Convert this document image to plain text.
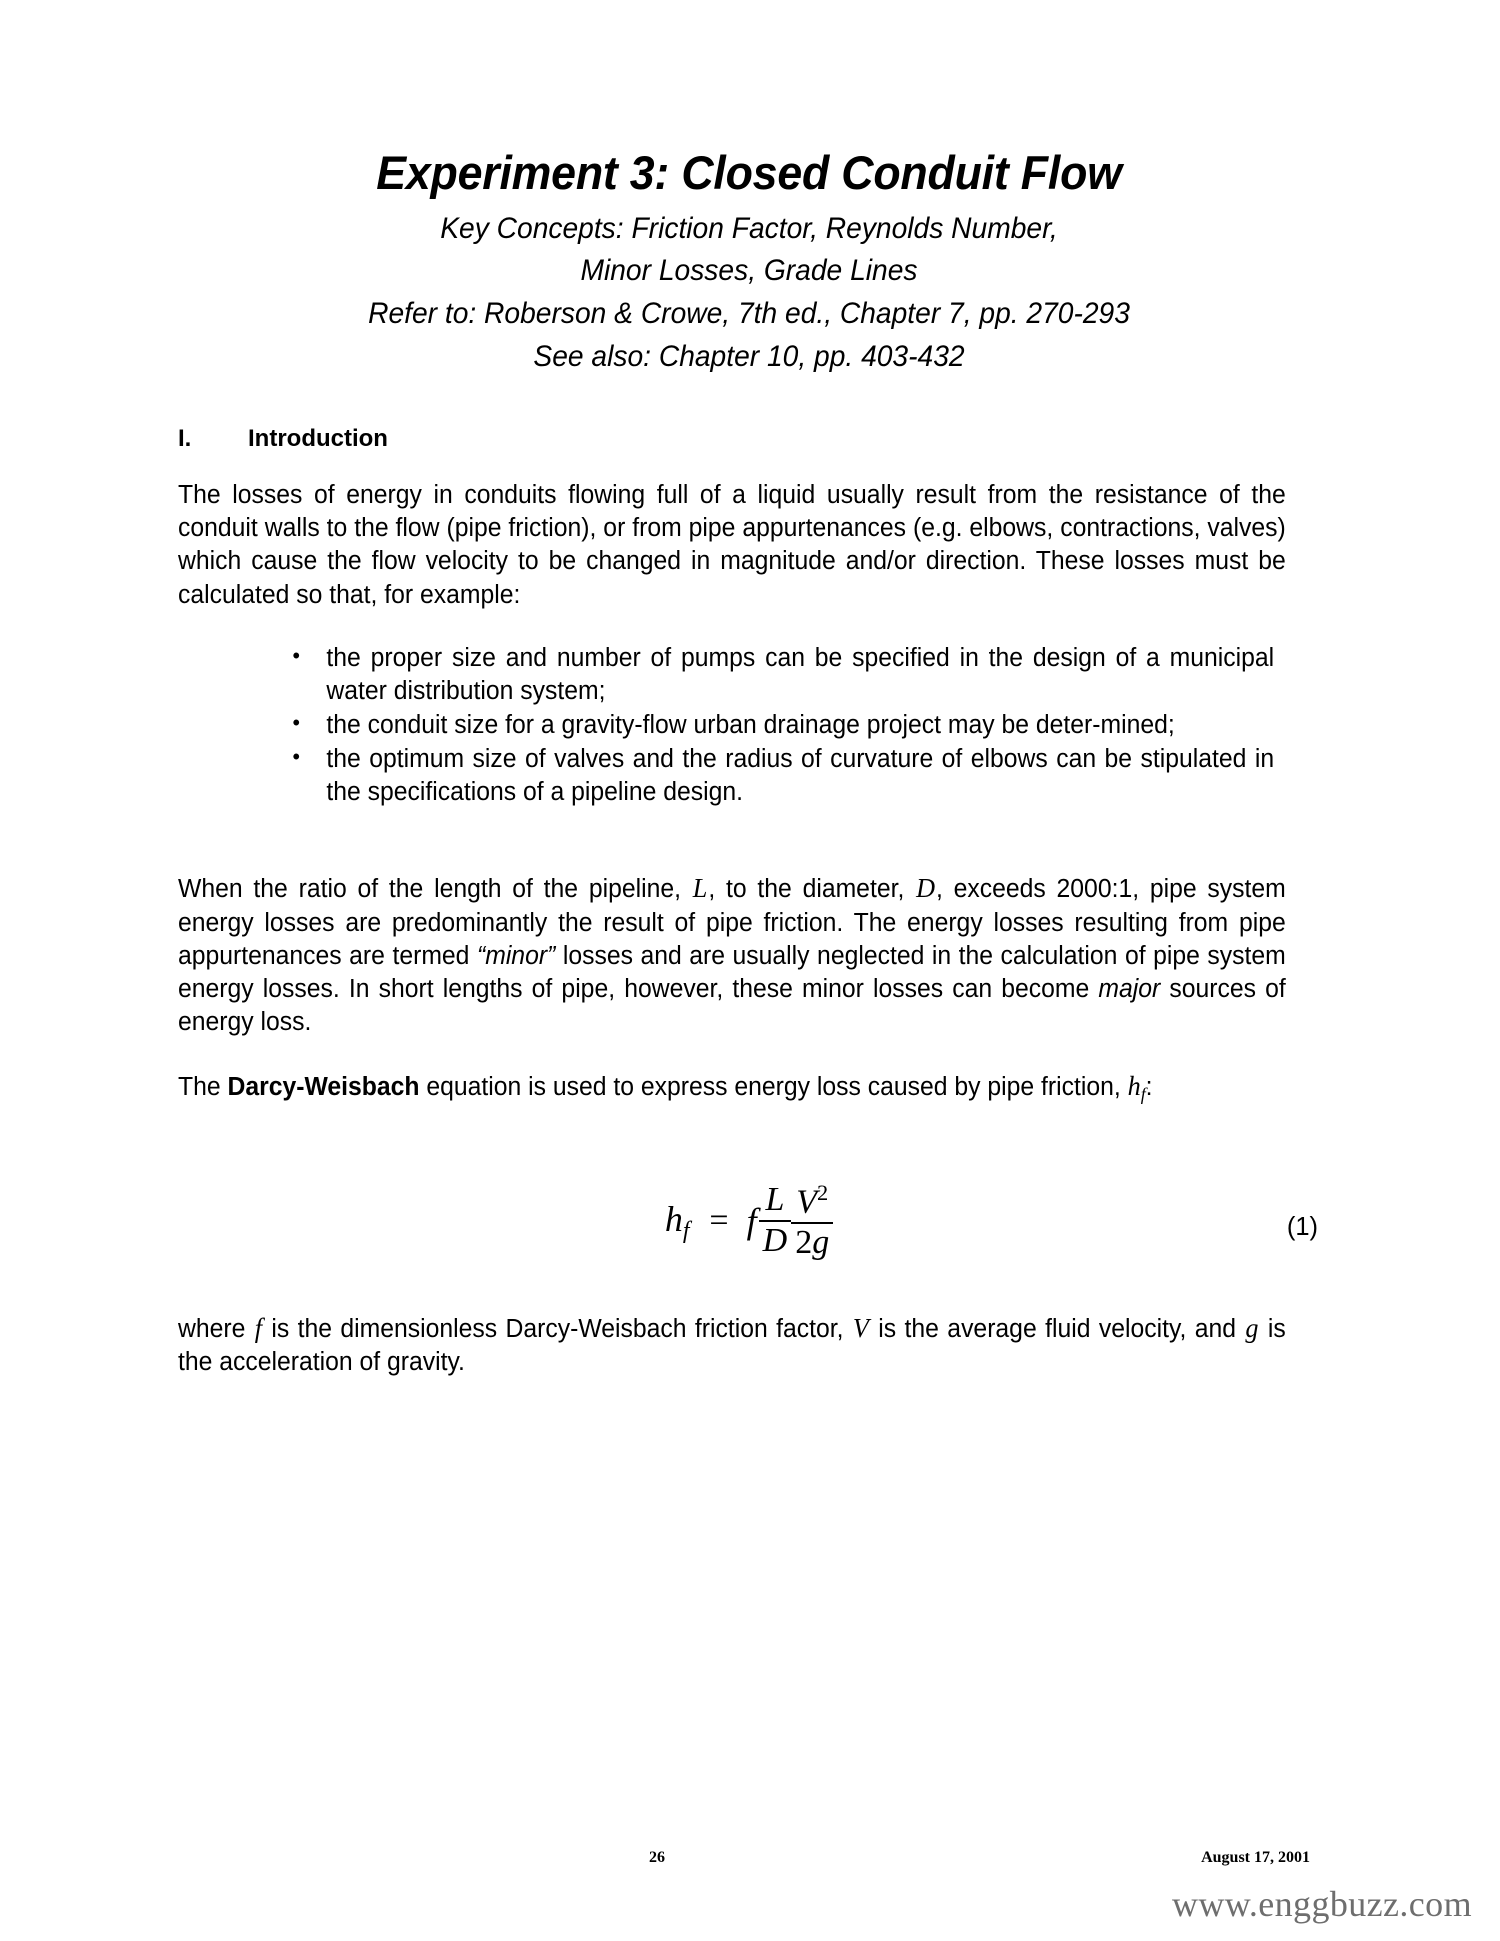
Experiment 3: Closed Conduit Flow

Key Concepts: Friction Factor, Reynolds Number,

Minor Losses, Grade Lines

Refer to: Roberson & Crowe, 7th ed., Chapter 7, pp. 270-293

See also: Chapter 10, pp. 403-432

I.	Introduction

The losses of energy in conduits flowing full of a liquid usually result from the resistance of the conduit walls to the flow (pipe friction), or from pipe appurtenances (e.g. elbows, contractions, valves) which cause the flow velocity to be changed in magnitude and/or direction. These losses must be calculated so that, for example:

• the proper size and number of pumps can be specified in the design of a municipal water distribution system;
• the conduit size for a gravity-flow urban drainage project may be deter-mined;
• the optimum size of valves and the radius of curvature of elbows can be stipulated in the specifications of a pipeline design.

When the ratio of the length of the pipeline, L, to the diameter, D, exceeds 2000:1, pipe system energy losses are predominantly the result of pipe friction. The energy losses resulting from pipe appurtenances are termed “minor” losses and are usually neglected in the calculation of pipe system energy losses. In short lengths of pipe, however, these minor losses can become major sources of energy loss.

The Darcy-Weisbach equation is used to express energy loss caused by pipe friction, $h_f$:

$h_f = f \frac{L}{D} \frac{V^2}{2g}$	(1)

where f is the dimensionless Darcy-Weisbach friction factor, V is the average fluid velocity, and g is the acceleration of gravity.

26	August 17, 2001
www.enggbuzz.com
